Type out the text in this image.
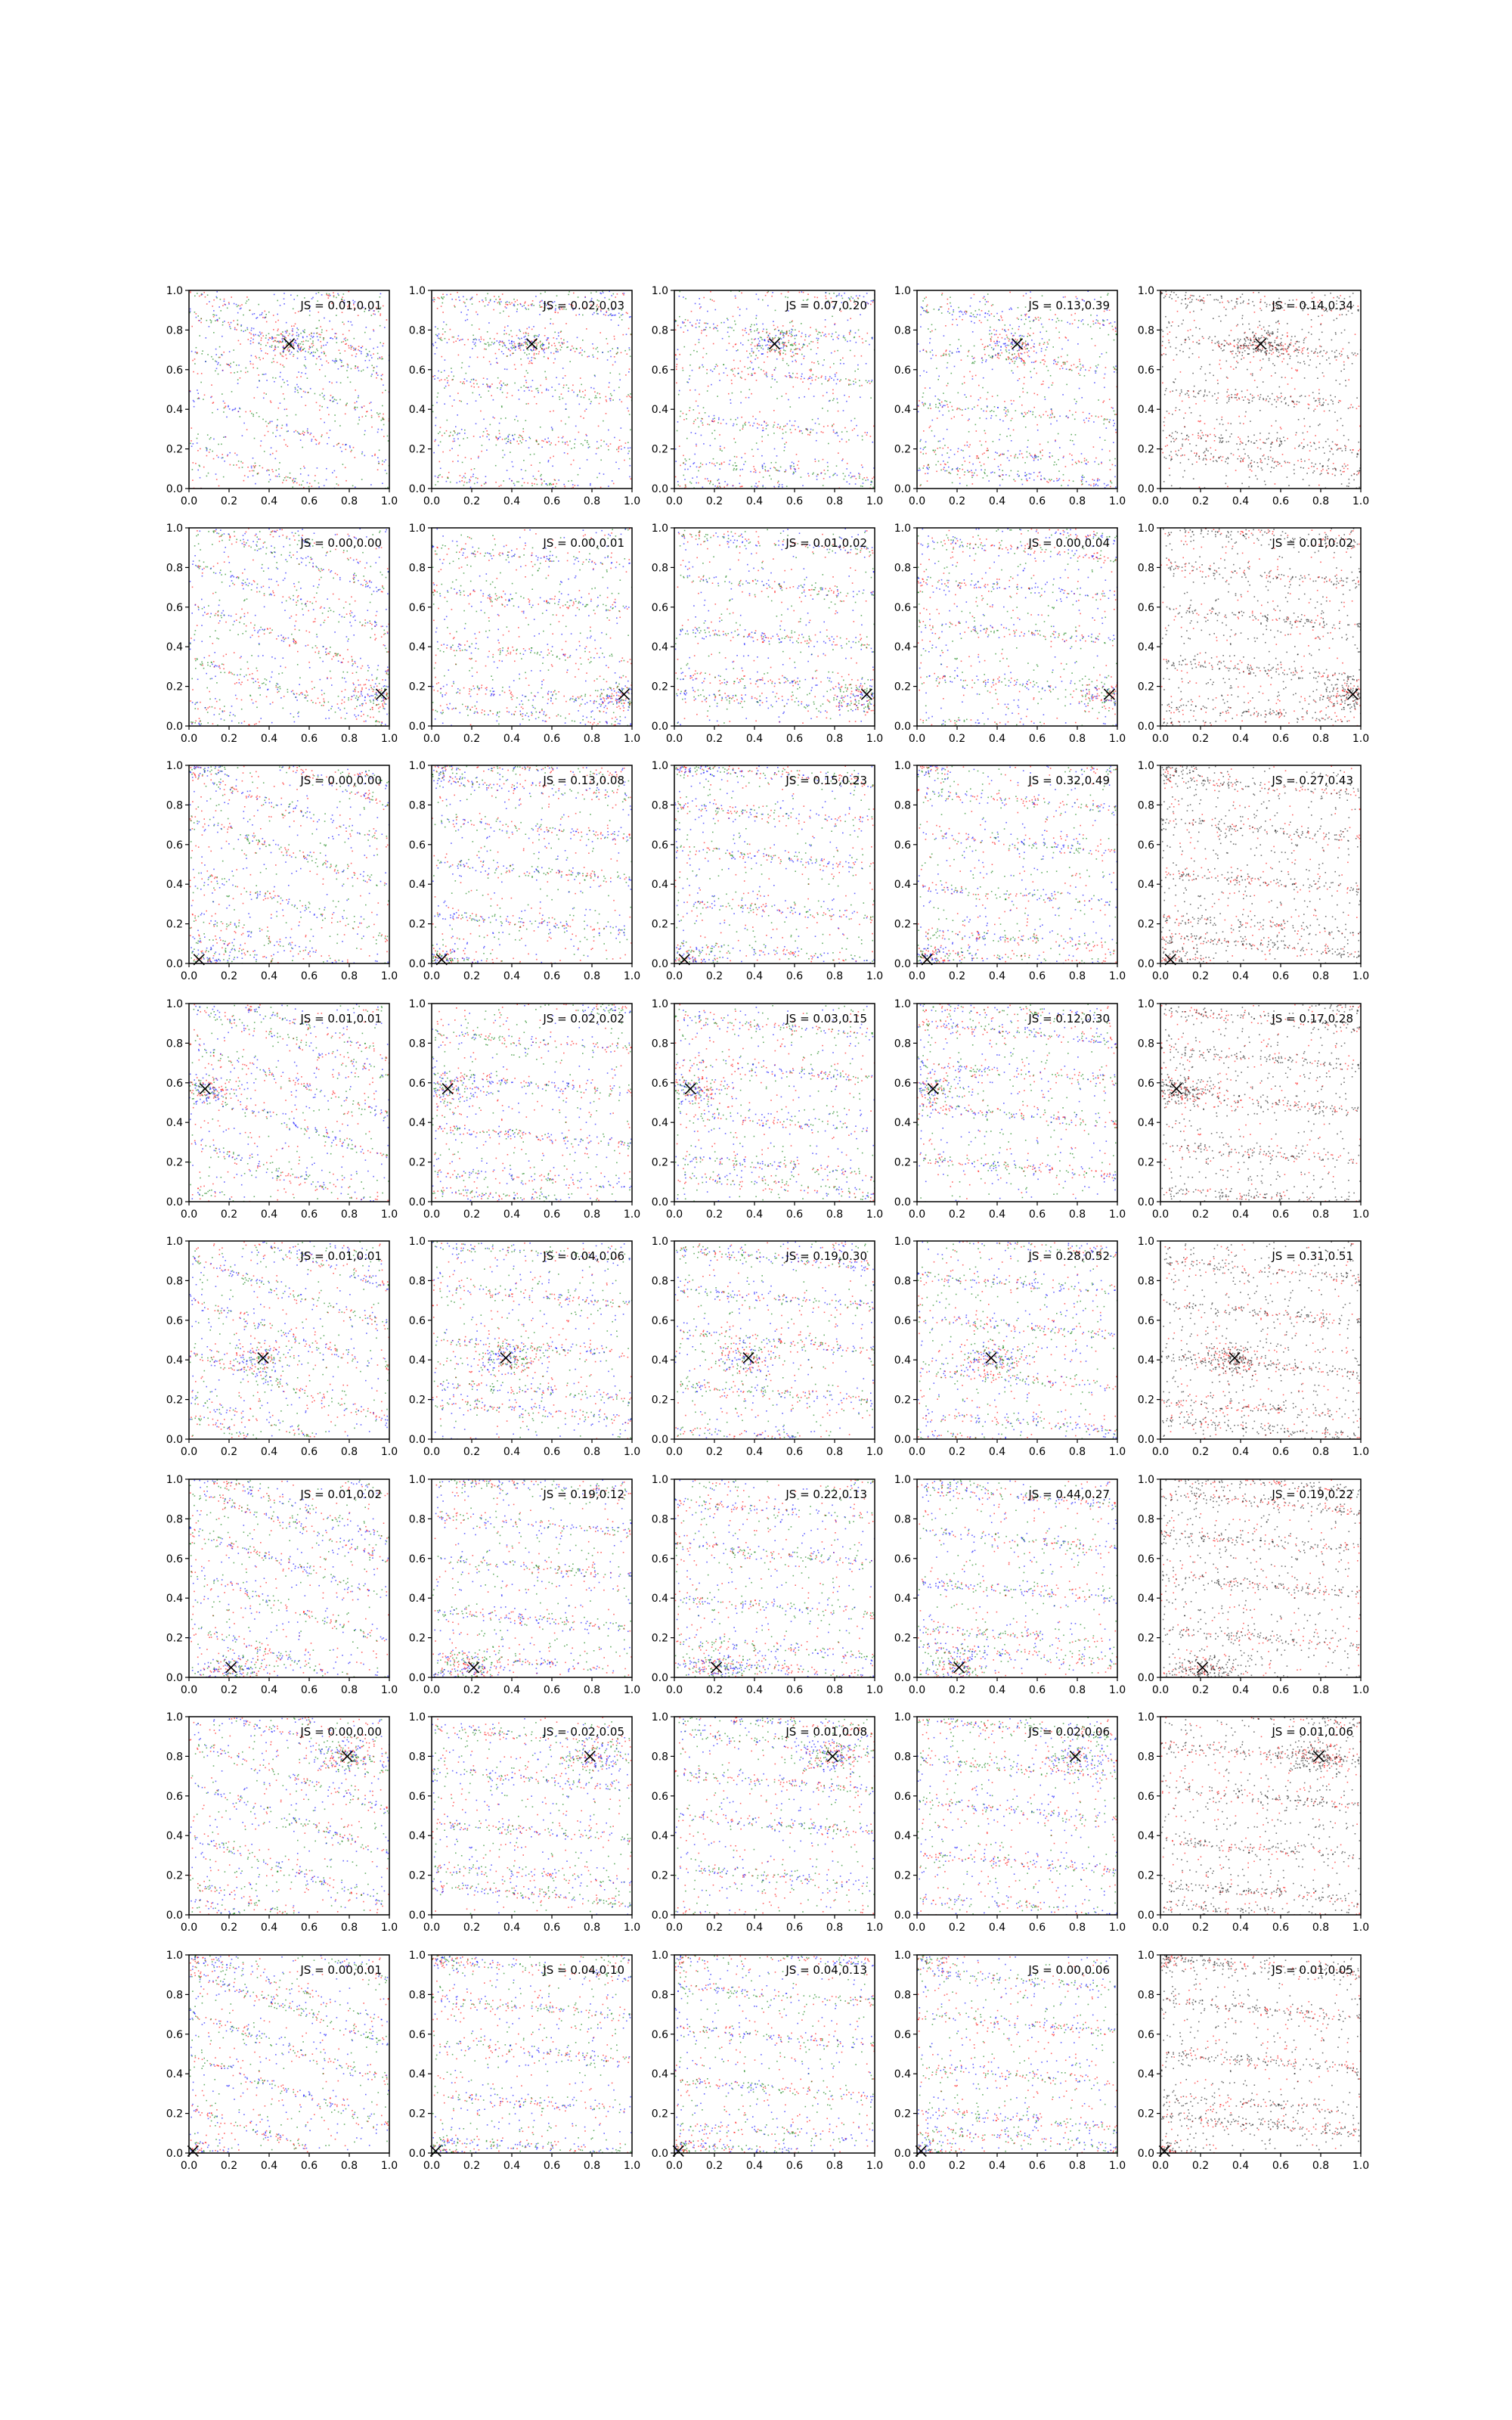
0.0 0.2 0.4 0.6 0.8 1.0
0.0
0.2
0.4
0.6
0.8
1.0
JS = 0.01,0.01
0.0 0.2 0.4 0.6 0.8 1.0
0.0
0.2
0.4
0.6
0.8
1.0
JS = 0.02,0.03
0.0 0.2 0.4 0.6 0.8 1.0
0.0
0.2
0.4
0.6
0.8
1.0
JS = 0.07,0.20
0.0 0.2 0.4 0.6 0.8 1.0
0.0
0.2
0.4
0.6
0.8
1.0
JS = 0.13,0.39
0.0 0.2 0.4 0.6 0.8 1.0
0.0
0.2
0.4
0.6
0.8
1.0
JS = 0.14,0.34
0.0 0.2 0.4 0.6 0.8 1.0
0.0
0.2
0.4
0.6
0.8
1.0
JS = 0.00,0.00
0.0 0.2 0.4 0.6 0.8 1.0
0.0
0.2
0.4
0.6
0.8
1.0
JS = 0.00,0.01
0.0 0.2 0.4 0.6 0.8 1.0
0.0
0.2
0.4
0.6
0.8
1.0
JS = 0.01,0.02
0.0 0.2 0.4 0.6 0.8 1.0
0.0
0.2
0.4
0.6
0.8
1.0
JS = 0.00,0.04
0.0 0.2 0.4 0.6 0.8 1.0
0.0
0.2
0.4
0.6
0.8
1.0
JS = 0.01,0.02
0.0 0.2 0.4 0.6 0.8 1.0
0.0
0.2
0.4
0.6
0.8
1.0
JS = 0.00,0.00
0.0 0.2 0.4 0.6 0.8 1.0
0.0
0.2
0.4
0.6
0.8
1.0
JS = 0.13,0.08
0.0 0.2 0.4 0.6 0.8 1.0
0.0
0.2
0.4
0.6
0.8
1.0
JS = 0.15,0.23
0.0 0.2 0.4 0.6 0.8 1.0
0.0
0.2
0.4
0.6
0.8
1.0
JS = 0.32,0.49
0.0 0.2 0.4 0.6 0.8 1.0
0.0
0.2
0.4
0.6
0.8
1.0
JS = 0.27,0.43
0.0 0.2 0.4 0.6 0.8 1.0
0.0
0.2
0.4
0.6
0.8
1.0
JS = 0.01,0.01
0.0 0.2 0.4 0.6 0.8 1.0
0.0
0.2
0.4
0.6
0.8
1.0
JS = 0.02,0.02
0.0 0.2 0.4 0.6 0.8 1.0
0.0
0.2
0.4
0.6
0.8
1.0
JS = 0.03,0.15
0.0 0.2 0.4 0.6 0.8 1.0
0.0
0.2
0.4
0.6
0.8
1.0
JS = 0.12,0.30
0.0 0.2 0.4 0.6 0.8 1.0
0.0
0.2
0.4
0.6
0.8
1.0
JS = 0.17,0.28
0.0 0.2 0.4 0.6 0.8 1.0
0.0
0.2
0.4
0.6
0.8
1.0
JS = 0.01,0.01
0.0 0.2 0.4 0.6 0.8 1.0
0.0
0.2
0.4
0.6
0.8
1.0
JS = 0.04,0.06
0.0 0.2 0.4 0.6 0.8 1.0
0.0
0.2
0.4
0.6
0.8
1.0
JS = 0.19,0.30
0.0 0.2 0.4 0.6 0.8 1.0
0.0
0.2
0.4
0.6
0.8
1.0
JS = 0.28,0.52
0.0 0.2 0.4 0.6 0.8 1.0
0.0
0.2
0.4
0.6
0.8
1.0
JS = 0.31,0.51
0.0 0.2 0.4 0.6 0.8 1.0
0.0
0.2
0.4
0.6
0.8
1.0
JS = 0.01,0.02
0.0 0.2 0.4 0.6 0.8 1.0
0.0
0.2
0.4
0.6
0.8
1.0
JS = 0.19,0.12
0.0 0.2 0.4 0.6 0.8 1.0
0.0
0.2
0.4
0.6
0.8
1.0
JS = 0.22,0.13
0.0 0.2 0.4 0.6 0.8 1.0
0.0
0.2
0.4
0.6
0.8
1.0
JS = 0.44,0.27
0.0 0.2 0.4 0.6 0.8 1.0
0.0
0.2
0.4
0.6
0.8
1.0
JS = 0.19,0.22
0.0 0.2 0.4 0.6 0.8 1.0
0.0
0.2
0.4
0.6
0.8
1.0
JS = 0.00,0.00
0.0 0.2 0.4 0.6 0.8 1.0
0.0
0.2
0.4
0.6
0.8
1.0
JS = 0.02,0.05
0.0 0.2 0.4 0.6 0.8 1.0
0.0
0.2
0.4
0.6
0.8
1.0
JS = 0.01,0.08
0.0 0.2 0.4 0.6 0.8 1.0
0.0
0.2
0.4
0.6
0.8
1.0
JS = 0.02,0.06
0.0 0.2 0.4 0.6 0.8 1.0
0.0
0.2
0.4
0.6
0.8
1.0
JS = 0.01,0.06
0.0 0.2 0.4 0.6 0.8 1.0
0.0
0.2
0.4
0.6
0.8
1.0
JS = 0.00,0.01
0.0 0.2 0.4 0.6 0.8 1.0
0.0
0.2
0.4
0.6
0.8
1.0
JS = 0.04,0.10
0.0 0.2 0.4 0.6 0.8 1.0
0.0
0.2
0.4
0.6
0.8
1.0
JS = 0.04,0.13
0.0 0.2 0.4 0.6 0.8 1.0
0.0
0.2
0.4
0.6
0.8
1.0
JS = 0.00,0.06
0.0 0.2 0.4 0.6 0.8 1.0
0.0
0.2
0.4
0.6
0.8
1.0
JS = 0.01,0.05
